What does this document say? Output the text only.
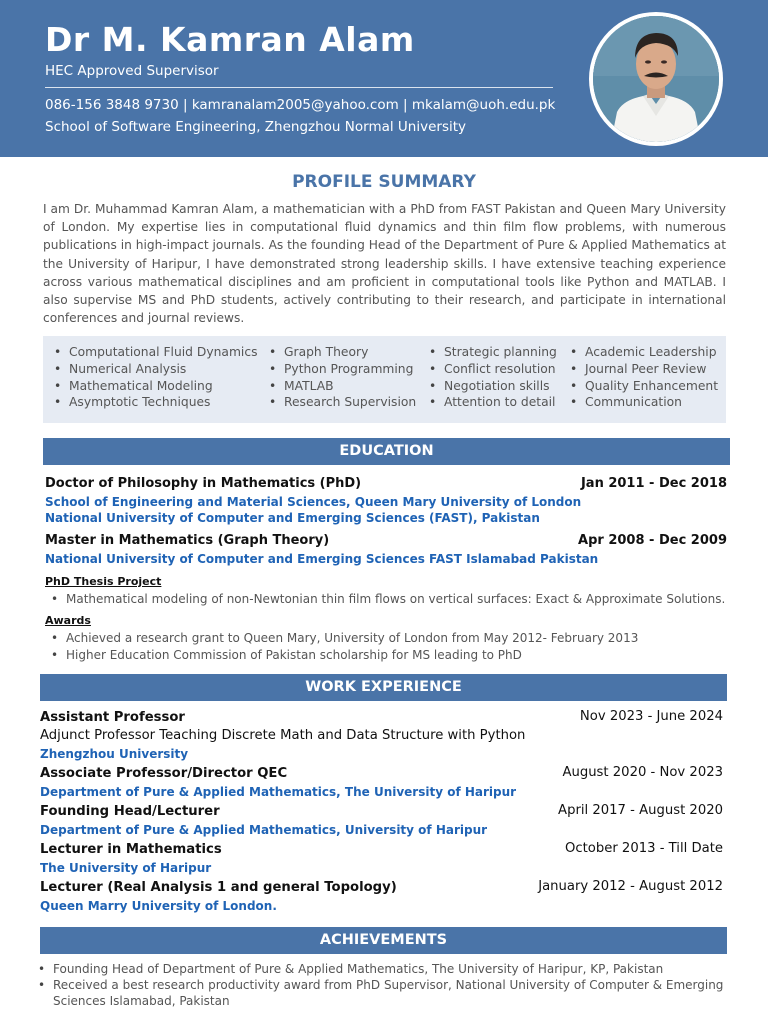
Dr M. Kamran Alam
HEC Approved Supervisor
086-156 3848 9730 | kamranalam2005@yahoo.com | mkalam@uoh.edu.pk
School of Software Engineering, Zhengzhou Normal University
PROFILE SUMMARY
I am Dr. Muhammad Kamran Alam, a mathematician with a PhD from FAST Pakistan and Queen Mary University of London. My expertise lies in computational fluid dynamics and thin film flow problems, with numerous publications in high-impact journals. As the founding Head of the Department of Pure & Applied Mathematics at the University of Haripur, I have demonstrated strong leadership skills. I have extensive teaching experience across various mathematical disciplines and am proficient in computational tools like Python and MATLAB. I also supervise MS and PhD students, actively contributing to their research, and participate in international conferences and journal reviews.
• Computational Fluid Dynamics
• Numerical Analysis
• Mathematical Modeling
• Asymptotic Techniques
• Graph Theory
• Python Programming
• MATLAB
• Research Supervision
• Strategic planning
• Conflict resolution
• Negotiation skills
• Attention to detail
• Academic Leadership
• Journal Peer Review
• Quality Enhancement
• Communication
EDUCATION
Doctor of Philosophy in Mathematics (PhD)	Jan 2011 - Dec 2018
School of Engineering and Material Sciences, Queen Mary University of London
National University of Computer and Emerging Sciences (FAST), Pakistan
Master in Mathematics (Graph Theory)	Apr 2008 - Dec 2009
National University of Computer and Emerging Sciences FAST Islamabad Pakistan
PhD Thesis Project
• Mathematical modeling of non-Newtonian thin film flows on vertical surfaces: Exact & Approximate Solutions.
Awards
• Achieved a research grant to Queen Mary, University of London from May 2012- February 2013
• Higher Education Commission of Pakistan scholarship for MS leading to PhD
WORK EXPERIENCE
Assistant Professor	Nov 2023 - June 2024
Adjunct Professor Teaching Discrete Math and Data Structure with Python
Zhengzhou University
Associate Professor/Director QEC	August 2020 - Nov 2023
Department of Pure & Applied Mathematics, The University of Haripur
Founding Head/Lecturer	April 2017 - August 2020
Department of Pure & Applied Mathematics, University of Haripur
Lecturer in Mathematics	October 2013 - Till Date
The University of Haripur
Lecturer (Real Analysis 1 and general Topology)	January 2012 - August 2012
Queen Marry University of London.
ACHIEVEMENTS
• Founding Head of Department of Pure & Applied Mathematics, The University of Haripur, KP, Pakistan
• Received a best research productivity award from PhD Supervisor, National University of Computer & Emerging Sciences Islamabad, Pakistan
